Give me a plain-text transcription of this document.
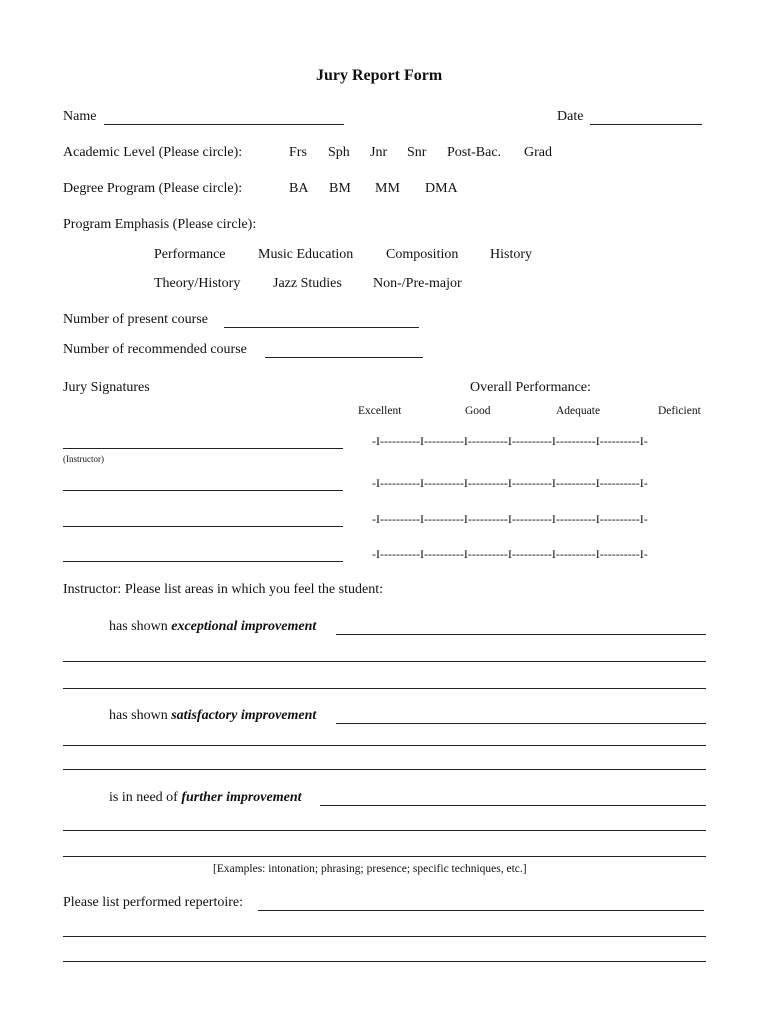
Jury Report Form
Name	Date
Academic Level (Please circle):	Frs Sph Jnr Snr Post-Bac. Grad
Degree Program (Please circle):	BA BM MM DMA
Program Emphasis (Please circle):
Performance Music Education Composition History
Theory/History Jazz Studies Non-/Pre-major
Number of present course
Number of recommended course
Jury Signatures	Overall Performance:
Excellent	Good	Adequate	Deficient
(Instructor)
-I----------I----------I----------I----------I----------I----------I-
-I----------I----------I----------I----------I----------I----------I-
-I----------I----------I----------I----------I----------I----------I-
-I----------I----------I----------I----------I----------I----------I-
Instructor: Please list areas in which you feel the student:
has shown exceptional improvement
has shown satisfactory improvement
is in need of further improvement
[Examples: intonation; phrasing; presence; specific techniques, etc.]
Please list performed repertoire:
